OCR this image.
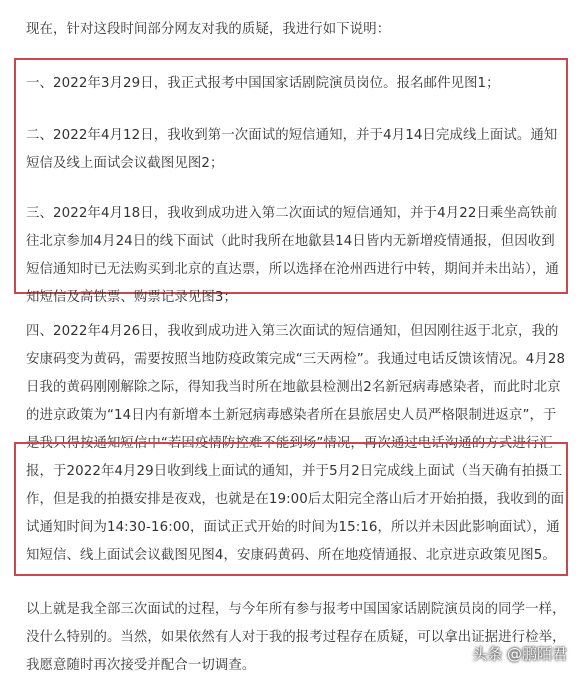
现在，针对这段时间部分网友对我的质疑，我进行如下说明：

一、2022年3月29日，我正式报考中国国家话剧院演员岗位。报名邮件见图1；

二、2022年4月12日，我收到第一次面试的短信通知，并于4月14日完成线上面试。通知短信及线上面试会议截图见图2；

三、2022年4月18日，我收到成功进入第二次面试的短信通知，并于4月22日乘坐高铁前往北京参加4月24日的线下面试（此时我所在地歙县14日皆内无新增疫情通报，但因收到短信通知时已无法购买到北京的直达票，所以选择在沧州西进行中转，期间并未出站），通知短信及高铁票、购票记录见图3；

四、2022年4月26日，我收到成功进入第三次面试的短信通知，但因刚往返于北京，我的安康码变为黄码，需要按照当地防疫政策完成“三天两检”。我通过电话反馈该情况。4月28日我的黄码刚刚解除之际，得知我当时所在地歙县检测出2名新冠病毒感染者，而此时北京的进京政策为“14日内有新增本土新冠病毒感染者所在县旅居史人员严格限制进返京”，于是我只得按通知短信中“若因疫情防控难不能到场”情况，再次通过电话沟通的方式进行汇报，于2022年4月29日收到线上面试的通知，并于5月2日完成线上面试（当天确有拍摄工作，但是我的拍摄安排是夜戏，也就是在19:00后太阳完全落山后才开始拍摄，我收到的面试通知时间为14:30-16:00，面试正式开始的时间为15:16，所以并未因此影响面试），通知短信、线上面试会议截图见图4，安康码黄码、所在地疫情通报、北京进京政策见图5。

以上就是我全部三次面试的过程，与今年所有参与报考中国国家话剧院演员岗的同学一样，没什么特别的。当然，如果依然有人对于我的报考过程存在质疑，可以拿出证据进行检举，我愿意随时再次接受并配合一切调查。

头条 @鹏陌君
